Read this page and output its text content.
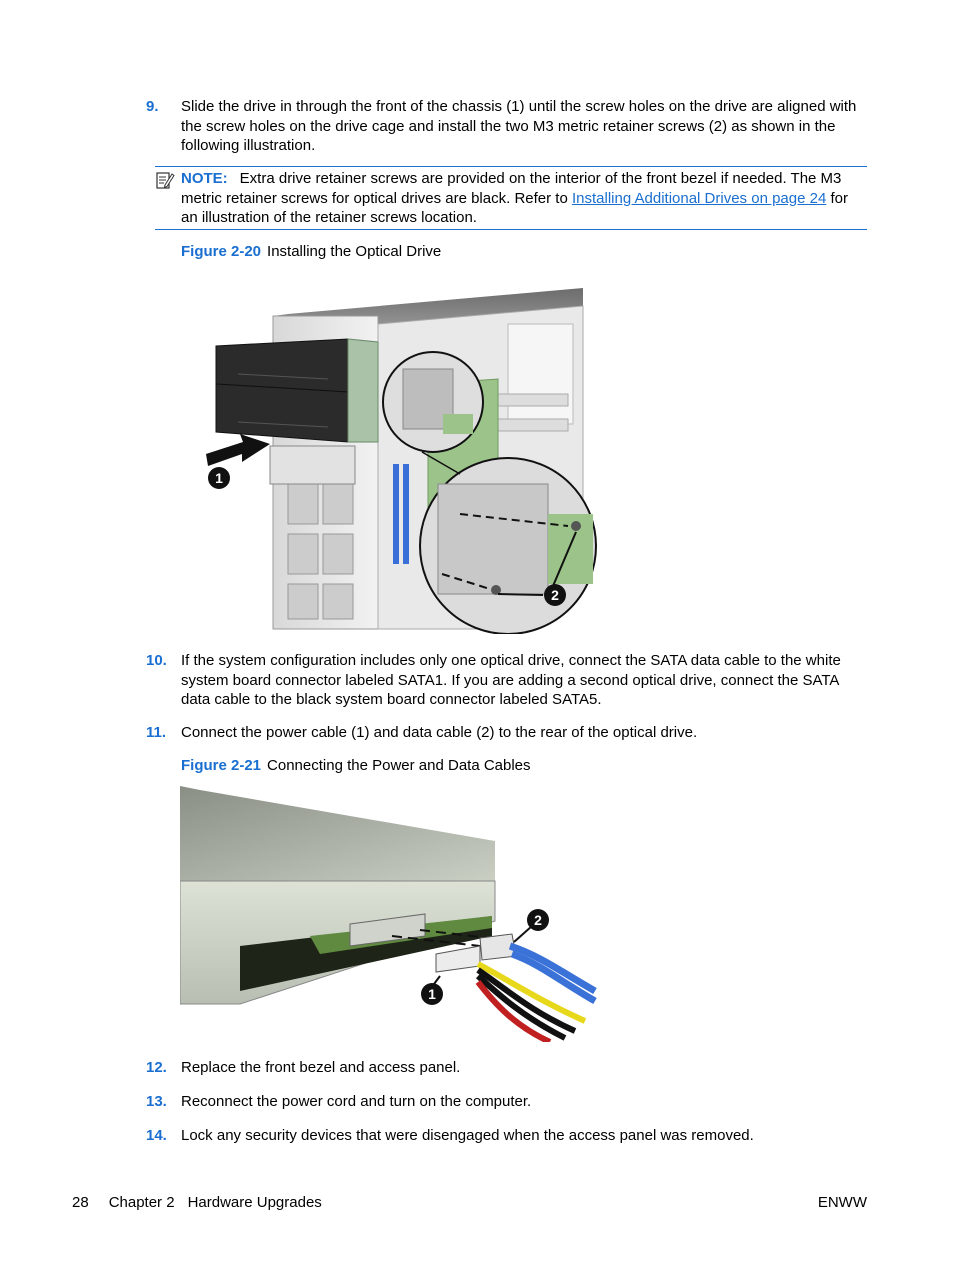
9. Slide the drive in through the front of the chassis (1) until the screw holes on the drive are aligned with the screw holes on the drive cage and install the two M3 metric retainer screws (2) as shown in the following illustration.
NOTE: Extra drive retainer screws are provided on the interior of the front bezel if needed. The M3 metric retainer screws for optical drives are black. Refer to Installing Additional Drives on page 24 for an illustration of the retainer screws location.
Figure 2-20 Installing the Optical Drive
1
2
10. If the system configuration includes only one optical drive, connect the SATA data cable to the white system board connector labeled SATA1. If you are adding a second optical drive, connect the SATA data cable to the black system board connector labeled SATA5.
11. Connect the power cable (1) and data cable (2) to the rear of the optical drive.
Figure 2-21 Connecting the Power and Data Cables
1
2
12. Replace the front bezel and access panel.
13. Reconnect the power cord and turn on the computer.
14. Lock any security devices that were disengaged when the access panel was removed.
28 Chapter 2 Hardware Upgrades	ENWW
